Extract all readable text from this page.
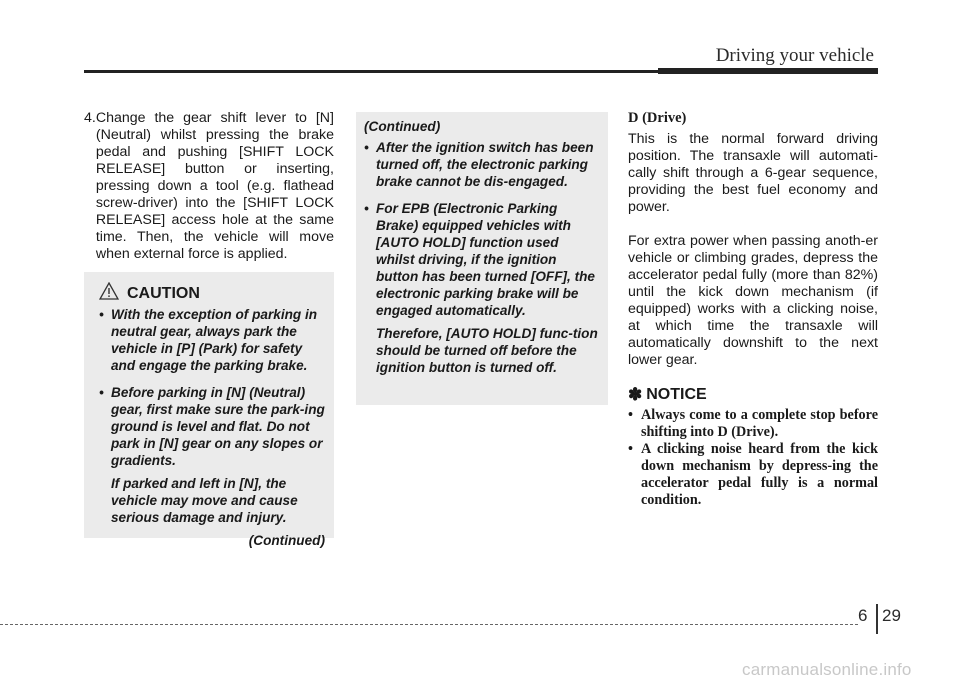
Driving your vehicle
4. Change the gear shift lever to [N] (Neutral) whilst pressing the brake pedal and pushing [SHIFT LOCK RELEASE] button or inserting, pressing down a tool (e.g. flathead screw-driver) into the [SHIFT LOCK RELEASE] access hole at the same time. Then, the vehicle will move when external force is applied.
CAUTION
• With the exception of parking in neutral gear, always park the vehicle in [P] (Park) for safety and engage the parking brake.
• Before parking in [N] (Neutral) gear, first make sure the park-ing ground is level and flat. Do not park in [N] gear on any slopes or gradients.
If parked and left in [N], the vehicle may move and cause serious damage and injury.
(Continued)
(Continued)
• After the ignition switch has been turned off, the electronic parking brake cannot be dis-engaged.
• For EPB (Electronic Parking Brake) equipped vehicles with [AUTO HOLD] function used whilst driving, if the ignition button has been turned [OFF], the electronic parking brake will be engaged automatically.
Therefore, [AUTO HOLD] func-tion should be turned off before the ignition button is turned off.
D (Drive)
This is the normal forward driving position. The transaxle will automati-cally shift through a 6-gear sequence, providing the best fuel economy and power.
For extra power when passing anoth-er vehicle or climbing grades, depress the accelerator pedal fully (more than 82%) until the kick down mechanism (if equipped) works with a clicking noise, at which time the transaxle will automatically downshift to the next lower gear.
✽ NOTICE
• Always come to a complete stop before shifting into D (Drive).
• A clicking noise heard from the kick down mechanism by depress-ing the accelerator pedal fully is a normal condition.
6 29
carmanualsonline.info
